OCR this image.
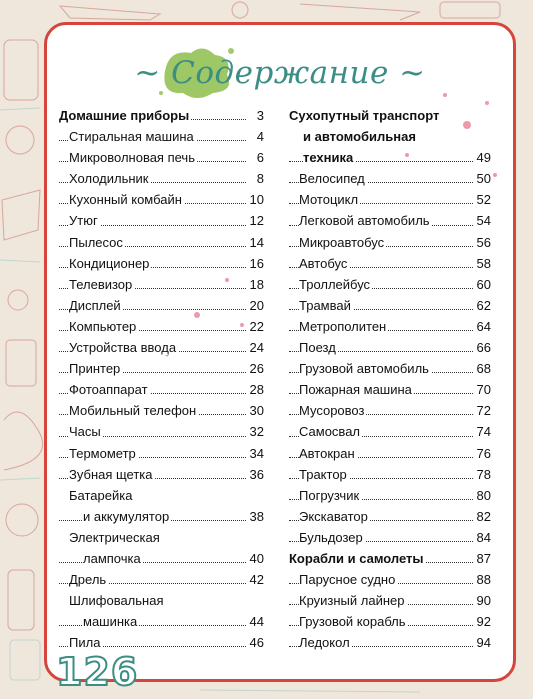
~ Содержание ~
Домашние приборы	3
Стиральная машина	4
Микроволновая печь	6
Холодильник	8
Кухонный комбайн	10
Утюг	12
Пылесос	14
Кондиционер	16
Телевизор	18
Дисплей	20
Компьютер	22
Устройства ввода	24
Принтер	26
Фотоаппарат	28
Мобильный телефон	30
Часы	32
Термометр	34
Зубная щетка	36
Батарейка
и аккумулятор	38
Электрическая
лампочка	40
Дрель	42
Шлифовальная
машинка	44
Пила	46
Сухопутный транспорт
и автомобильная
техника	49
Велосипед	50
Мотоцикл	52
Легковой автомобиль	54
Микроавтобус	56
Автобус	58
Троллейбус	60
Трамвай	62
Метрополитен	64
Поезд	66
Грузовой автомобиль	68
Пожарная машина	70
Мусоровоз	72
Самосвал	74
Автокран	76
Трактор	78
Погрузчик	80
Экскаватор	82
Бульдозер	84
Корабли и самолеты	87
Парусное судно	88
Круизный лайнер	90
Грузовой корабль	92
Ледокол	94
126
